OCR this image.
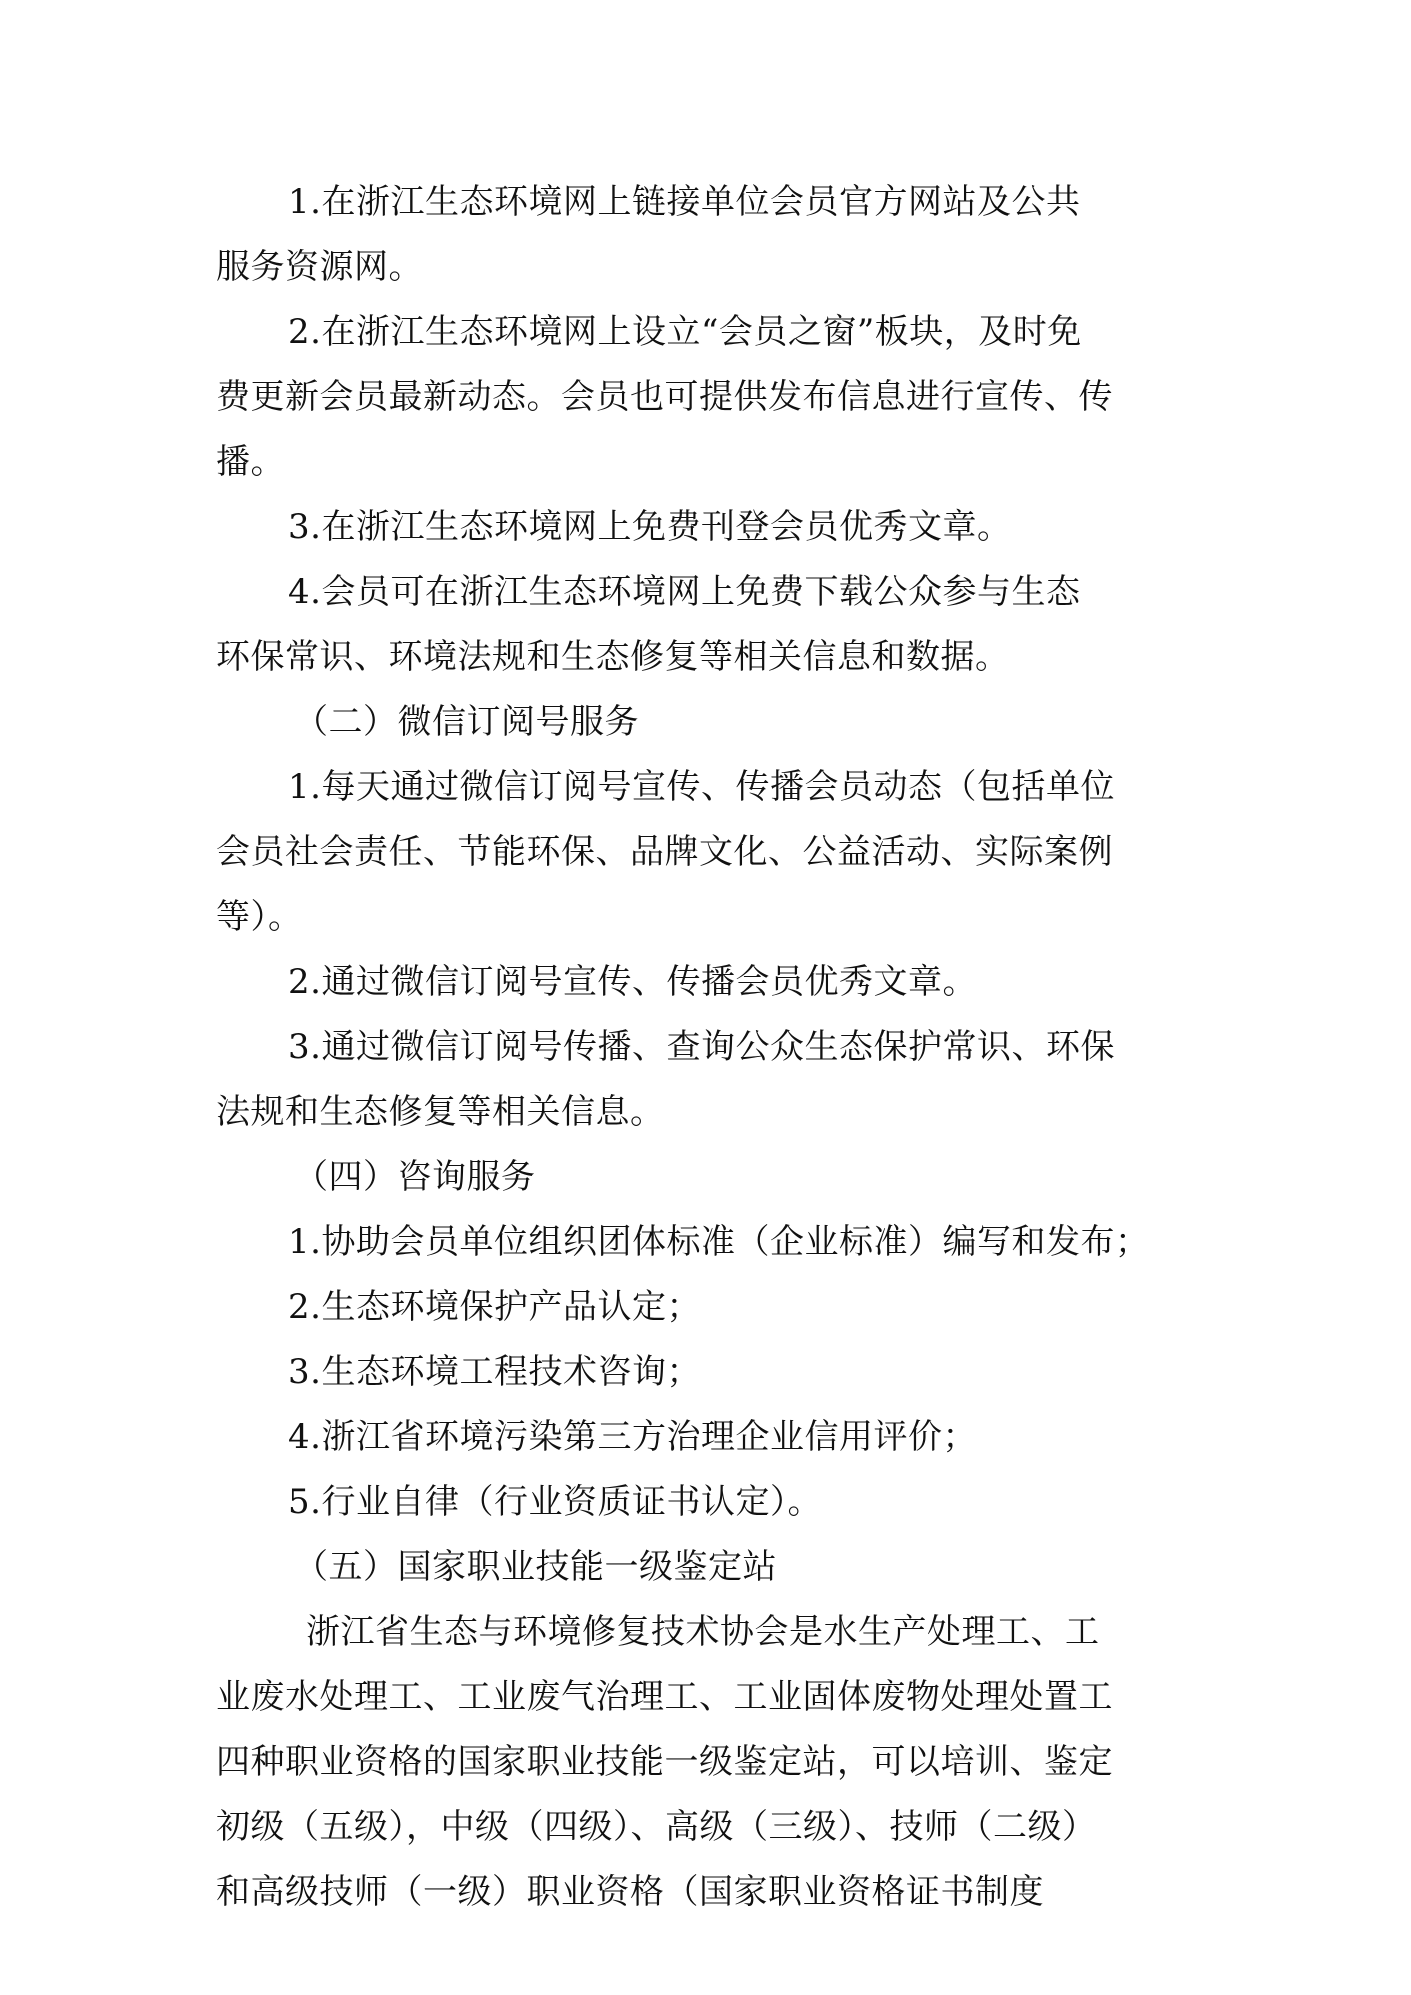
1.在浙江生态环境网上链接单位会员官方网站及公共
服务资源网。
2.在浙江生态环境网上设立“会员之窗”板块，及时免
费更新会员最新动态。会员也可提供发布信息进行宣传、传
播。
3.在浙江生态环境网上免费刊登会员优秀文章。
4.会员可在浙江生态环境网上免费下载公众参与生态
环保常识、环境法规和生态修复等相关信息和数据。
（二）微信订阅号服务
1.每天通过微信订阅号宣传、传播会员动态（包括单位
会员社会责任、节能环保、品牌文化、公益活动、实际案例
等）。
2.通过微信订阅号宣传、传播会员优秀文章。
3.通过微信订阅号传播、查询公众生态保护常识、环保
法规和生态修复等相关信息。
（四）咨询服务
1.协助会员单位组织团体标准（企业标准）编写和发布；
2.生态环境保护产品认定；
3.生态环境工程技术咨询；
4.浙江省环境污染第三方治理企业信用评价；
5.行业自律（行业资质证书认定）。
（五）国家职业技能一级鉴定站
浙江省生态与环境修复技术协会是水生产处理工、工
业废水处理工、工业废气治理工、工业固体废物处理处置工
四种职业资格的国家职业技能一级鉴定站，可以培训、鉴定
初级（五级），中级（四级）、高级（三级）、技师（二级）
和高级技师（一级）职业资格（国家职业资格证书制度
